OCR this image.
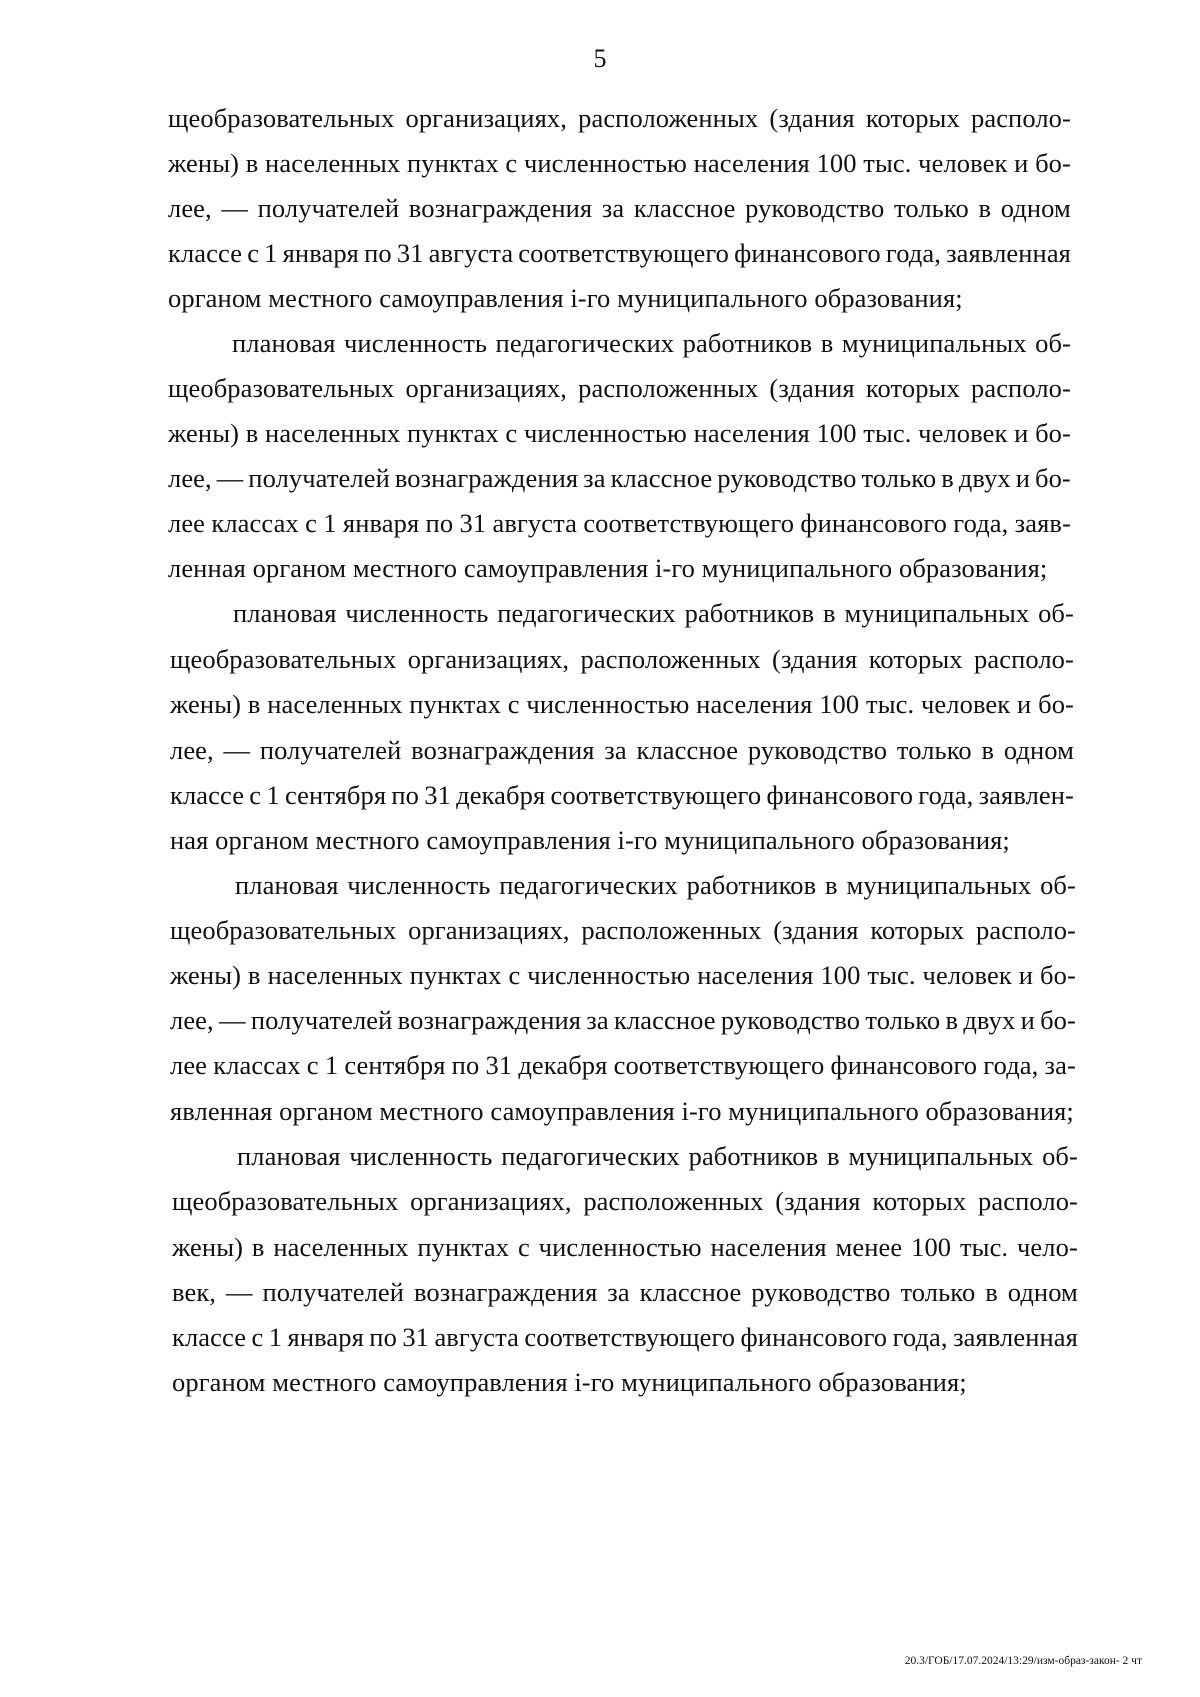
5
щеобразовательных организациях, расположенных (здания которых располо-
жены) в населенных пунктах с численностью населения 100 тыс. человек и бо-
лее, — получателей вознаграждения за классное руководство только в одном
классе с 1 января по 31 августа соответствующего финансового года, заявленная
органом местного самоуправления i-го муниципального образования;
плановая численность педагогических работников в муниципальных об-
щеобразовательных организациях, расположенных (здания которых располо-
жены) в населенных пунктах с численностью населения 100 тыс. человек и бо-
лее, — получателей вознаграждения за классное руководство только в двух и бо-
лее классах с 1 января по 31 августа соответствующего финансового года, заяв-
ленная органом местного самоуправления i-го муниципального образования;
плановая численность педагогических работников в муниципальных об-
щеобразовательных организациях, расположенных (здания которых располо-
жены) в населенных пунктах с численностью населения 100 тыс. человек и бо-
лее, — получателей вознаграждения за классное руководство только в одном
классе с 1 сентября по 31 декабря соответствующего финансового года, заявлен-
ная органом местного самоуправления i-го муниципального образования;
плановая численность педагогических работников в муниципальных об-
щеобразовательных организациях, расположенных (здания которых располо-
жены) в населенных пунктах с численностью населения 100 тыс. человек и бо-
лее, — получателей вознаграждения за классное руководство только в двух и бо-
лее классах с 1 сентября по 31 декабря соответствующего финансового года, за-
явленная органом местного самоуправления i-го муниципального образования;
плановая численность педагогических работников в муниципальных об-
щеобразовательных организациях, расположенных (здания которых располо-
жены) в населенных пунктах с численностью населения менее 100 тыс. чело-
век, — получателей вознаграждения за классное руководство только в одном
классе с 1 января по 31 августа соответствующего финансового года, заявленная
органом местного самоуправления i-го муниципального образования;
20.3/ГОБ/17.07.2024/13:29/изм-образ-закон- 2 чт
